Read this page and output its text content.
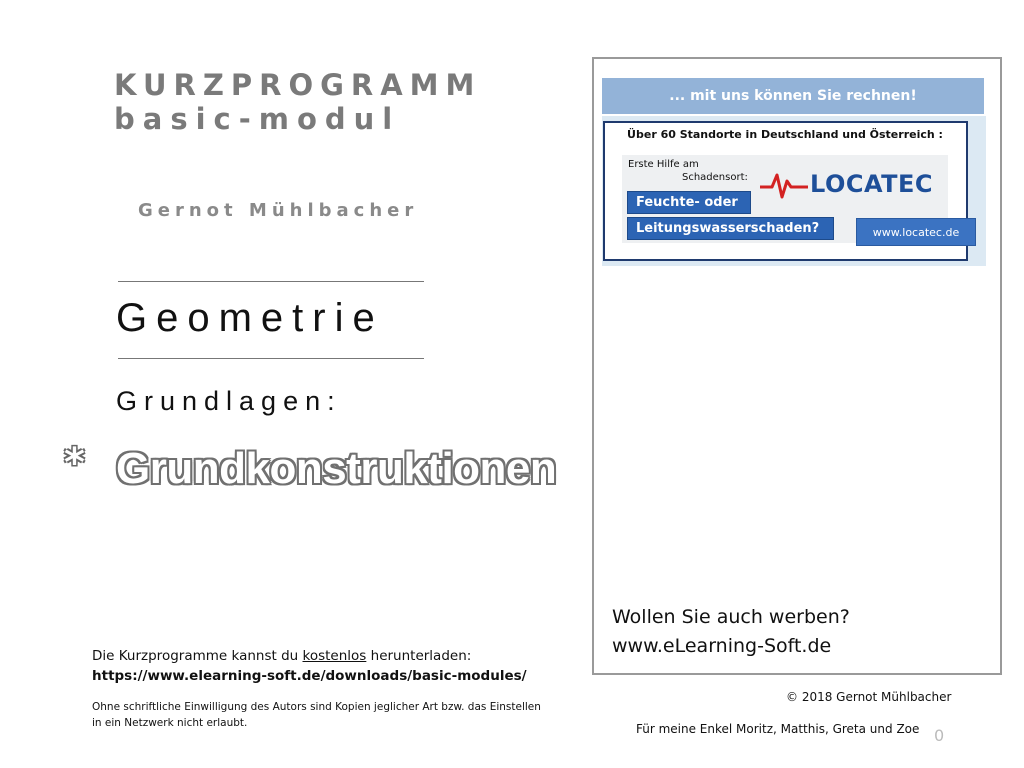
KURZPROGRAMM
basic-modul
Gernot Mühlbacher
Geometrie
Grundlagen:
* Grundkonstruktionen
... mit uns können Sie rechnen!
Über 60 Standorte in Deutschland und Österreich :
Erste Hilfe am
Schadensort:
Feuchte- oder
Leitungswasserschaden?
LOCATEC
www.locatec.de
Wollen Sie auch werben?
www.eLearning-Soft.de
Die Kurzprogramme kannst du kostenlos herunterladen:
https://www.elearning-soft.de/downloads/basic-modules/
Ohne schriftliche Einwilligung des Autors sind Kopien jeglicher Art bzw. das Einstellen in ein Netzwerk nicht erlaubt.
© 2018 Gernot Mühlbacher
Für meine Enkel Moritz, Matthis, Greta und Zoe 0
